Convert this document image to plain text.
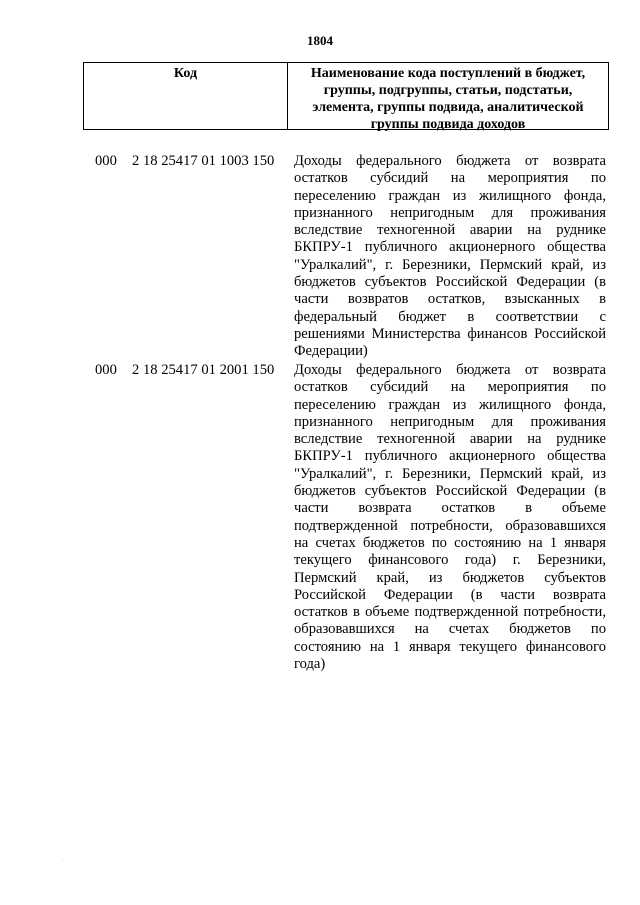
1804
Код	Наименование кода поступлений в бюджет, группы, подгруппы, статьи, подстатьи, элемента, группы подвида, аналитической группы подвида доходов
000 2 18 25417 01 1003 150 Доходы федерального бюджета от возврата остатков субсидий на мероприятия по переселению граждан из жилищного фонда, признанного непригодным для проживания вследствие техногенной аварии на руднике БКПРУ-1 публичного акционерного общества "Уралкалий", г. Березники, Пермский край, из бюджетов субъектов Российской Федерации (в части возвратов остатков, взысканных в федеральный бюджет в соответствии с решениями Министерства финансов Российской Федерации)
000 2 18 25417 01 2001 150 Доходы федерального бюджета от возврата остатков субсидий на мероприятия по переселению граждан из жилищного фонда, признанного непригодным для проживания вследствие техногенной аварии на руднике БКПРУ-1 публичного акционерного общества "Уралкалий", г. Березники, Пермский край, из бюджетов субъектов Российской Федерации (в части возврата остатков в объеме подтвержденной потребности, образовавшихся на счетах бюджетов по состоянию на 1 января текущего финансового года) г. Березники, Пермский край, из бюджетов субъектов Российской Федерации (в части возврата остатков в объеме подтвержденной потребности, образовавшихся на счетах бюджетов по состоянию на 1 января текущего финансового года)
·
